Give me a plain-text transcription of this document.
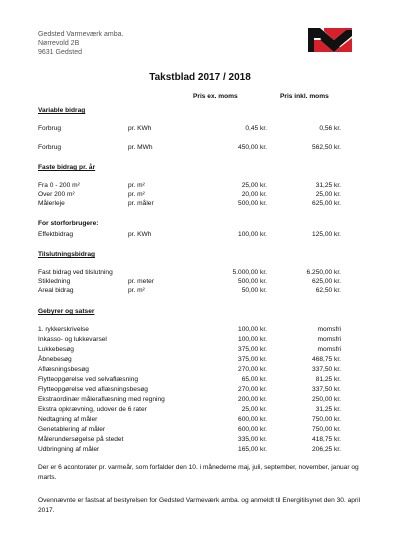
Gedsted Varmeværk amba.
Nørrevold 2B
9631 Gedsted
Takstblad 2017 / 2018
Pris ex. moms	Pris inkl. moms
Variable bidrag
Forbrug	pr. KWh	0,45 kr.	0,56 kr.
Forbrug	pr. MWh	450,00 kr.	562,50 kr.
Faste bidrag pr. år
Fra 0 - 200 m²	pr. m²	25,00 kr.	31,25 kr.
Over 200 m²	pr. m²	20,00 kr.	25,00 kr.
Målerleje	pr. måler	500,00 kr.	625,00 kr.
For storforbrugere:
Effektbidrag	pr. KWh	100,00 kr.	125,00 kr.
Tilslutningsbidrag
Fast bidrag ved tilslutning	5.000,00 kr.	6.250,00 kr.
Stikledning	pr. meter	500,00 kr.	625,00 kr.
Areal bidrag	pr. m²	50,00 kr.	62,50 kr.
Gebyrer og satser
1. rykkerskrivelse	100,00 kr.	momsfri
Inkasso- og lukkevarsel	100,00 kr.	momsfri
Lukkebesøg	375,00 kr.	momsfri
Åbnebesøg	375,00 kr.	468,75 kr.
Aflæsningsbesøg	270,00 kr.	337,50 kr.
Flytteopgørelse ved selvaflæsning	65,00 kr.	81,25 kr.
Flytteopgørelse ved aflæsningsbesøg	270,00 kr.	337,50 kr.
Ekstraordinær måleraflæsning med regning	200,00 kr.	250,00 kr.
Ekstra opkrævning, udover de 6 rater	25,00 kr.	31,25 kr.
Nedtagning af måler	600,00 kr.	750,00 kr.
Genetablering af måler	600,00 kr.	750,00 kr.
Målerundersøgelse på stedet	335,00 kr.	418,75 kr.
Udbringning af måler	165,00 kr.	206,25 kr.
Der er 6 acontorater pr. varmeår, som forfalder den 10. i månederne maj, juli, september, november, januar og marts.
Ovennævnte er fastsat af bestyrelsen for Gedsted Varmeværk amba. og anmeldt til Energitilsynet den 30. april 2017.
